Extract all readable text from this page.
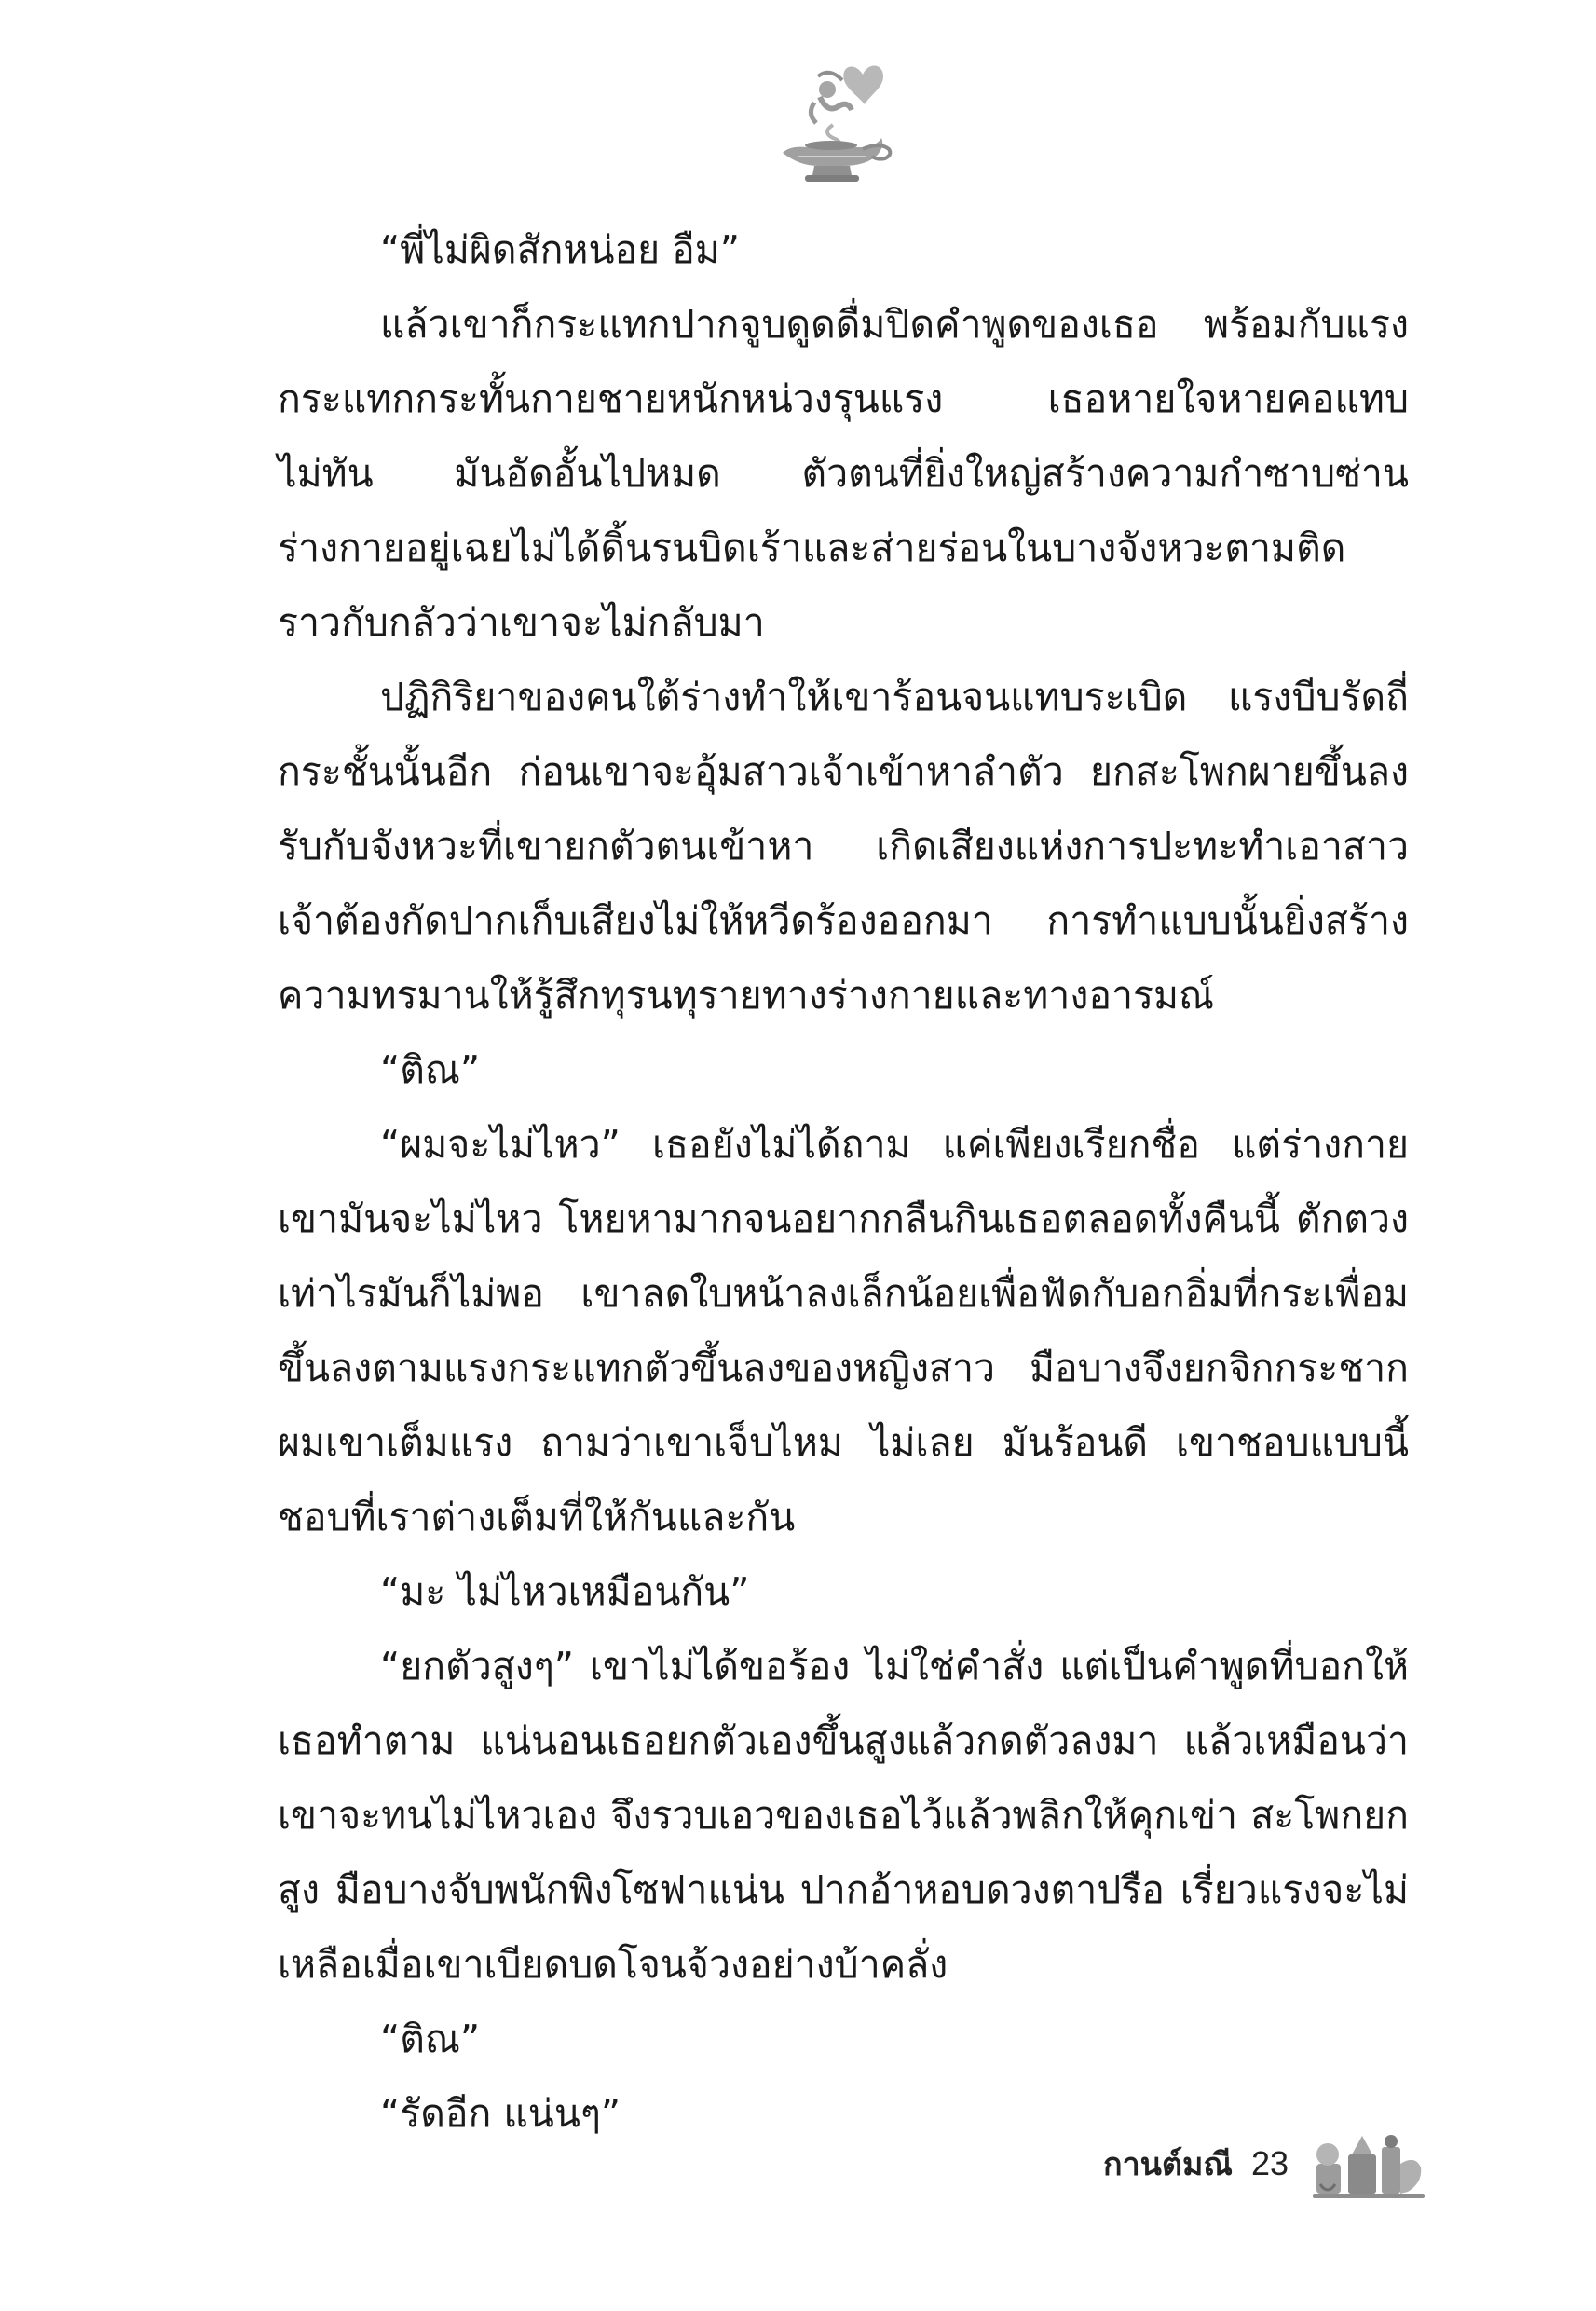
“พี่ไม่ผิดสักหน่อย อืม”

แล้วเขาก็กระแทกปากจูบดูดดื่มปิดคำพูดของเธอ พร้อมกับแรงกระแทกกระทั้นกายชายหนักหน่วงรุนแรง เธอหายใจหายคอแทบไม่ทัน มันอัดอั้นไปหมด ตัวตนที่ยิ่งใหญ่สร้างความกำซาบซ่าน ร่างกายอยู่เฉยไม่ได้ดิ้นรนบิดเร้าและส่ายร่อนในบางจังหวะตามติดราวกับกลัวว่าเขาจะไม่กลับมา

ปฏิกิริยาของคนใต้ร่างทำให้เขาร้อนจนแทบระเบิด แรงบีบรัดถี่กระชั้นนั้นอีก ก่อนเขาจะอุ้มสาวเจ้าเข้าหาลำตัว ยกสะโพกผายขึ้นลงรับกับจังหวะที่เขายกตัวตนเข้าหา เกิดเสียงแห่งการปะทะทำเอาสาวเจ้าต้องกัดปากเก็บเสียงไม่ให้หวีดร้องออกมา การทำแบบนั้นยิ่งสร้างความทรมานให้รู้สึกทุรนทุรายทางร่างกายและทางอารมณ์

“ติณ”

“ผมจะไม่ไหว” เธอยังไม่ได้ถาม แค่เพียงเรียกชื่อ แต่ร่างกายเขามันจะไม่ไหว โหยหามากจนอยากกลืนกินเธอตลอดทั้งคืนนี้ ตักตวงเท่าไรมันก็ไม่พอ เขาลดใบหน้าลงเล็กน้อยเพื่อฟัดกับอกอิ่มที่กระเพื่อมขึ้นลงตามแรงกระแทกตัวขึ้นลงของหญิงสาว มือบางจึงยกจิกกระชากผมเขาเต็มแรง ถามว่าเขาเจ็บไหม ไม่เลย มันร้อนดี เขาชอบแบบนี้ชอบที่เราต่างเต็มที่ให้กันและกัน

“มะ ไม่ไหวเหมือนกัน”

“ยกตัวสูงๆ” เขาไม่ได้ขอร้อง ไม่ใช่คำสั่ง แต่เป็นคำพูดที่บอกให้เธอทำตาม แน่นอนเธอยกตัวเองขึ้นสูงแล้วกดตัวลงมา แล้วเหมือนว่าเขาจะทนไม่ไหวเอง จึงรวบเอวของเธอไว้แล้วพลิกให้คุกเข่า สะโพกยกสูง มือบางจับพนักพิงโซฟาแน่น ปากอ้าหอบดวงตาปรือ เรี่ยวแรงจะไม่เหลือเมื่อเขาเบียดบดโจนจ้วงอย่างบ้าคลั่ง

“ติณ”

“รัดอีก แน่นๆ”

กานต์มณี 23
